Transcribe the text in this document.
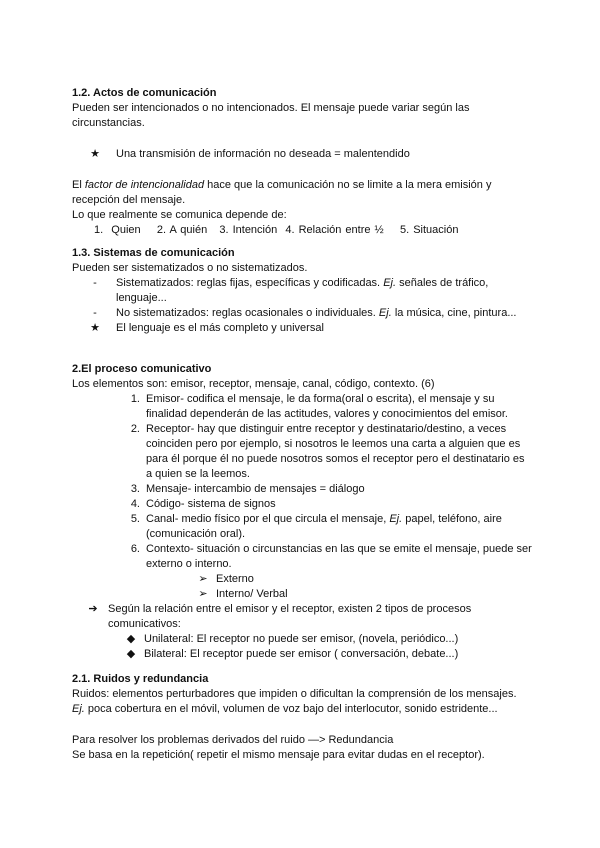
1.2. Actos de comunicación

Pueden ser intencionados o no intencionados. El mensaje puede variar según las circunstancias.

★ Una transmisión de información no deseada = malentendido

El factor de intencionalidad hace que la comunicación no se limite a la mera emisión y recepción del mensaje.

Lo que realmente se comunica depende de:

1.  Quien    2. A quién   3. Intención  4. Relación entre ½    5. Situación

1.3. Sistemas de comunicación

Pueden ser sistematizados o no sistematizados.

-	Sistematizados: reglas fijas, específicas y codificadas. Ej. señales de tráfico, lenguaje...
-	No sistematizados: reglas ocasionales o individuales. Ej. la música, cine, pintura...
★ El lenguaje es el más completo y universal
2.El proceso comunicativo

Los elementos son: emisor, receptor, mensaje, canal, código, contexto. (6)

1. Emisor- codifica el mensaje, le da forma(oral o escrita), el mensaje y su finalidad dependerán de las actitudes, valores y conocimientos del emisor.
2. Receptor- hay que distinguir entre receptor y destinatario/destino, a veces coinciden pero por ejemplo, si nosotros le leemos una carta a alguien que es para él porque él no puede nosotros somos el receptor pero el destinatario es a quien se la leemos.
3. Mensaje- intercambio de mensajes = diálogo
4. Código- sistema de signos
5. Canal- medio físico por el que circula el mensaje, Ej. papel, teléfono, aire (comunicación oral).
6. Contexto- situación o circunstancias en las que se emite el mensaje, puede ser externo o interno.
➢ Externo
➢ Interno/ Verbal
➔ Según la relación entre el emisor y el receptor, existen 2 tipos de procesos comunicativos:
◆ Unilateral: El receptor no puede ser emisor, (novela, periódico...)
◆ Bilateral: El receptor puede ser emisor ( conversación, debate...)
2.1. Ruidos y redundancia

Ruidos: elementos perturbadores que impiden o dificultan la comprensión de los mensajes.

Ej. poca cobertura en el móvil, volumen de voz bajo del interlocutor, sonido estridente...

Para resolver los problemas derivados del ruido —> Redundancia

Se basa en la repetición( repetir el mismo mensaje para evitar dudas en el receptor).
